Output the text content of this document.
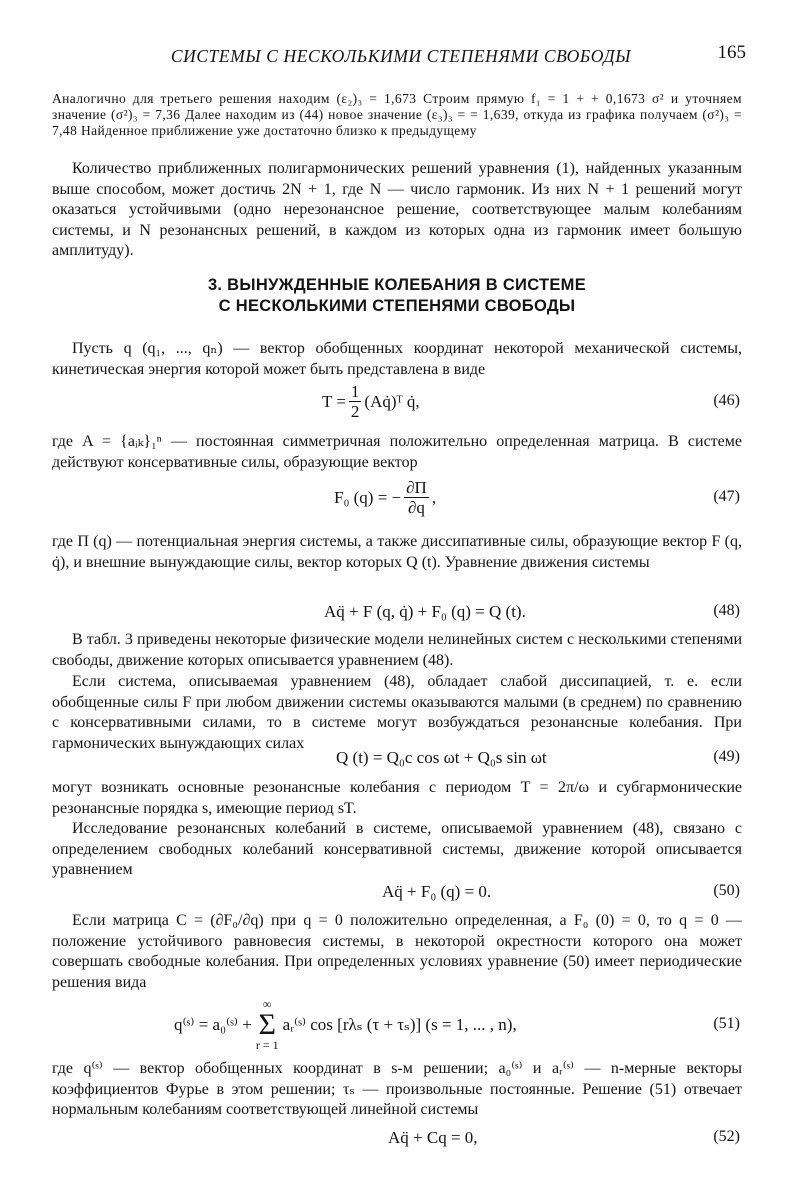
СИСТЕМЫ С НЕСКОЛЬКИМИ СТЕПЕНЯМИ СВОБОДЫ	165
Аналогично для третьего решения находим (ε₂)₃ = 1,673 Строим прямую f₁ = 1 + + 0,1673 σ² и уточняем значение (σ²)₃ = 7,36 Далее находим из (44) новое значение (ε₃)₃ = = 1,639, откуда из графика получаем (σ²)₃ = 7,48 Найденное приближение уже достаточно близко к предыдущему
Количество приближенных полигармонических решений уравнения (1), найденных указанным выше способом, может достичь 2N + 1, где N — число гармоник. Из них N + 1 решений могут оказаться устойчивыми (одно нерезонансное решение, соответствующее малым колебаниям системы, и N резонансных решений, в каждом из которых одна из гармоник имеет большую амплитуду).
3. ВЫНУЖДЕННЫЕ КОЛЕБАНИЯ В СИСТЕМЕ
С НЕСКОЛЬКИМИ СТЕПЕНЯМИ СВОБОДЫ
Пусть q (q₁, ..., qₙ) — вектор обобщенных координат некоторой механической системы, кинетическая энергия которой может быть представлена в виде
$T = \frac{1}{2}$ (Aq̇)ᵀ q̇,	(46)
где A = {aᵢₖ}₁ⁿ — постоянная симметричная положительно определенная матрица. В системе действуют консервативные силы, образующие вектор
F₀ (q) = − $\frac{\partial П}{\partial q}$ ,	(47)
где П (q) — потенциальная энергия системы, а также диссипативные силы, образующие вектор F (q, q̇), и внешние вынуждающие силы, вектор которых Q (t). Уравнение движения системы
Aq̈ + F (q, q̇) + F₀ (q) = Q (t).	(48)
В табл. 3 приведены некоторые физические модели нелинейных систем с несколькими степенями свободы, движение которых описывается уравнением (48).
Если система, описываемая уравнением (48), обладает слабой диссипацией, т. е. если обобщенные силы F при любом движении системы оказываются малыми (в среднем) по сравнению с консервативными силами, то в системе могут возбуждаться резонансные колебания. При гармонических вынуждающих силах
Q (t) = Q₀c cos ωt + Q₀s sin ωt	(49)
могут возникать основные резонансные колебания с периодом T = 2π/ω и субгармонические резонансные порядка s, имеющие период sT.
Исследование резонансных колебаний в системе, описываемой уравнением (48), связано с определением свободных колебаний консервативной системы, движение которой описывается уравнением
Aq̈ + F₀ (q) = 0.	(50)
Если матрица C = (∂F₀/∂q) при q = 0 положительно определенная, а F₀ (0) = 0, то q = 0 — положение устойчивого равновесия системы, в некоторой окрестности которого она может совершать свободные колебания. При определенных условиях уравнение (50) имеет периодические решения вида
q⁽ˢ⁾ = a₀⁽ˢ⁾ +
∞
Σ
r = 1
aᵣ⁽ˢ⁾ cos [rλₛ (τ + τₛ)] (s = 1, ... , n),	(51)
где q⁽ˢ⁾ — вектор обобщенных координат в s-м решении; a₀⁽ˢ⁾ и aᵣ⁽ˢ⁾ — n-мерные векторы коэффициентов Фурье в этом решении; τₛ — произвольные постоянные. Решение (51) отвечает нормальным колебаниям соответствующей линейной системы
Aq̈ + Cq = 0,	(52)
